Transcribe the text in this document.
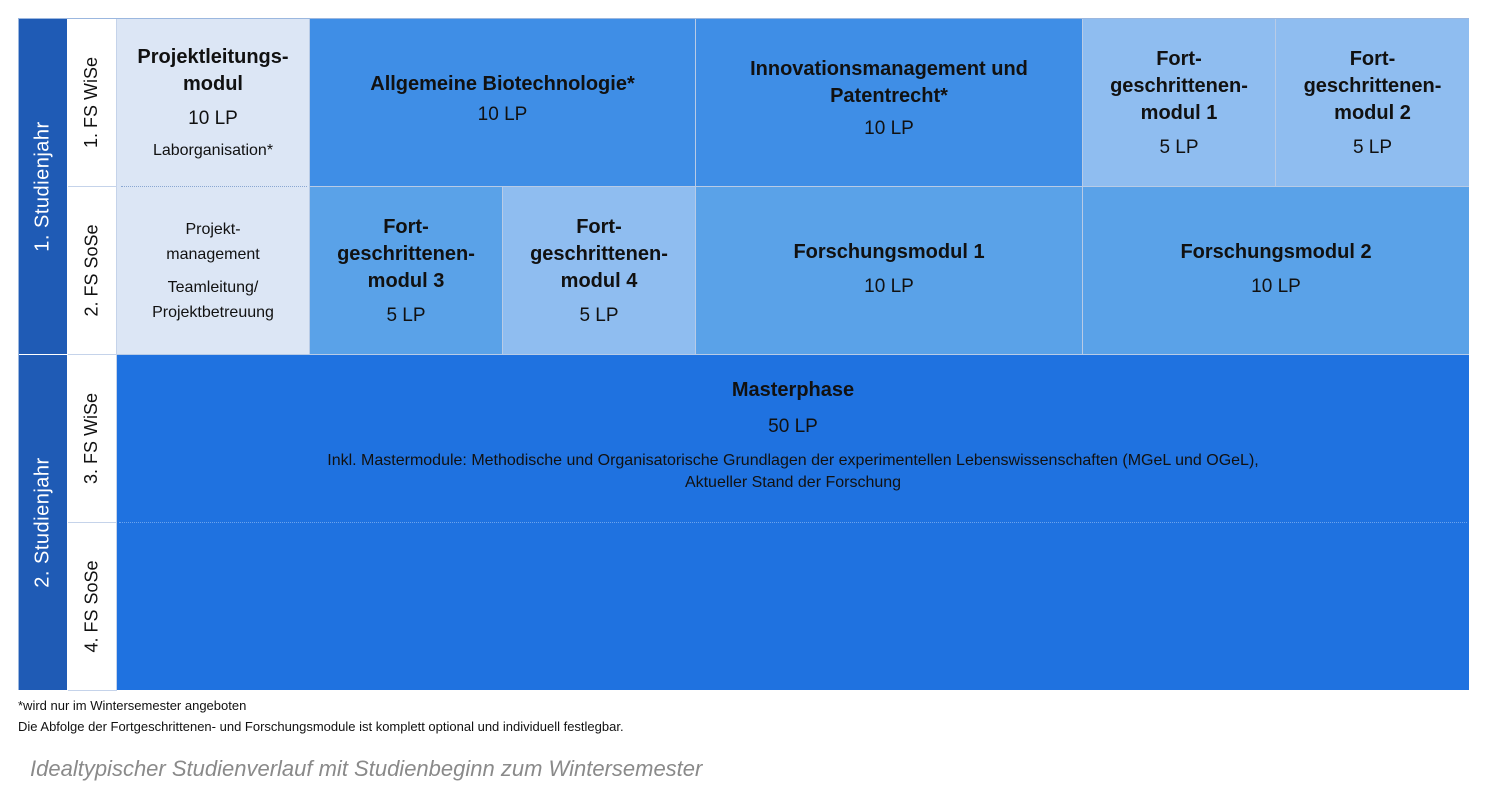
1. Studienjahr
2. Studienjahr
1. FS WiSe
2. FS SoSe
3. FS WiSe
4. FS SoSe
Projektleitungs-
modul
10 LP
Laborganisation*
Projekt-
management
Teamleitung/
Projektbetreuung
Allgemeine Biotechnologie*
10 LP
Innovationsmanagement und
Patentrecht*
10 LP
Fort-
geschrittenen-
modul 1
5 LP
Fort-
geschrittenen-
modul 2
5 LP
Fort-
geschrittenen-
modul 3
5 LP
Fort-
geschrittenen-
modul 4
5 LP
Forschungsmodul 1
10 LP
Forschungsmodul 2
10 LP
Masterphase
50 LP
Inkl. Mastermodule: Methodische und Organisatorische Grundlagen der experimentellen Lebenswissenschaften (MGeL und OGeL),
Aktueller Stand der Forschung
*wird nur im Wintersemester angeboten
Die Abfolge der Fortgeschrittenen- und Forschungsmodule ist komplett optional und individuell festlegbar.
Idealtypischer Studienverlauf mit Studienbeginn zum Wintersemester
